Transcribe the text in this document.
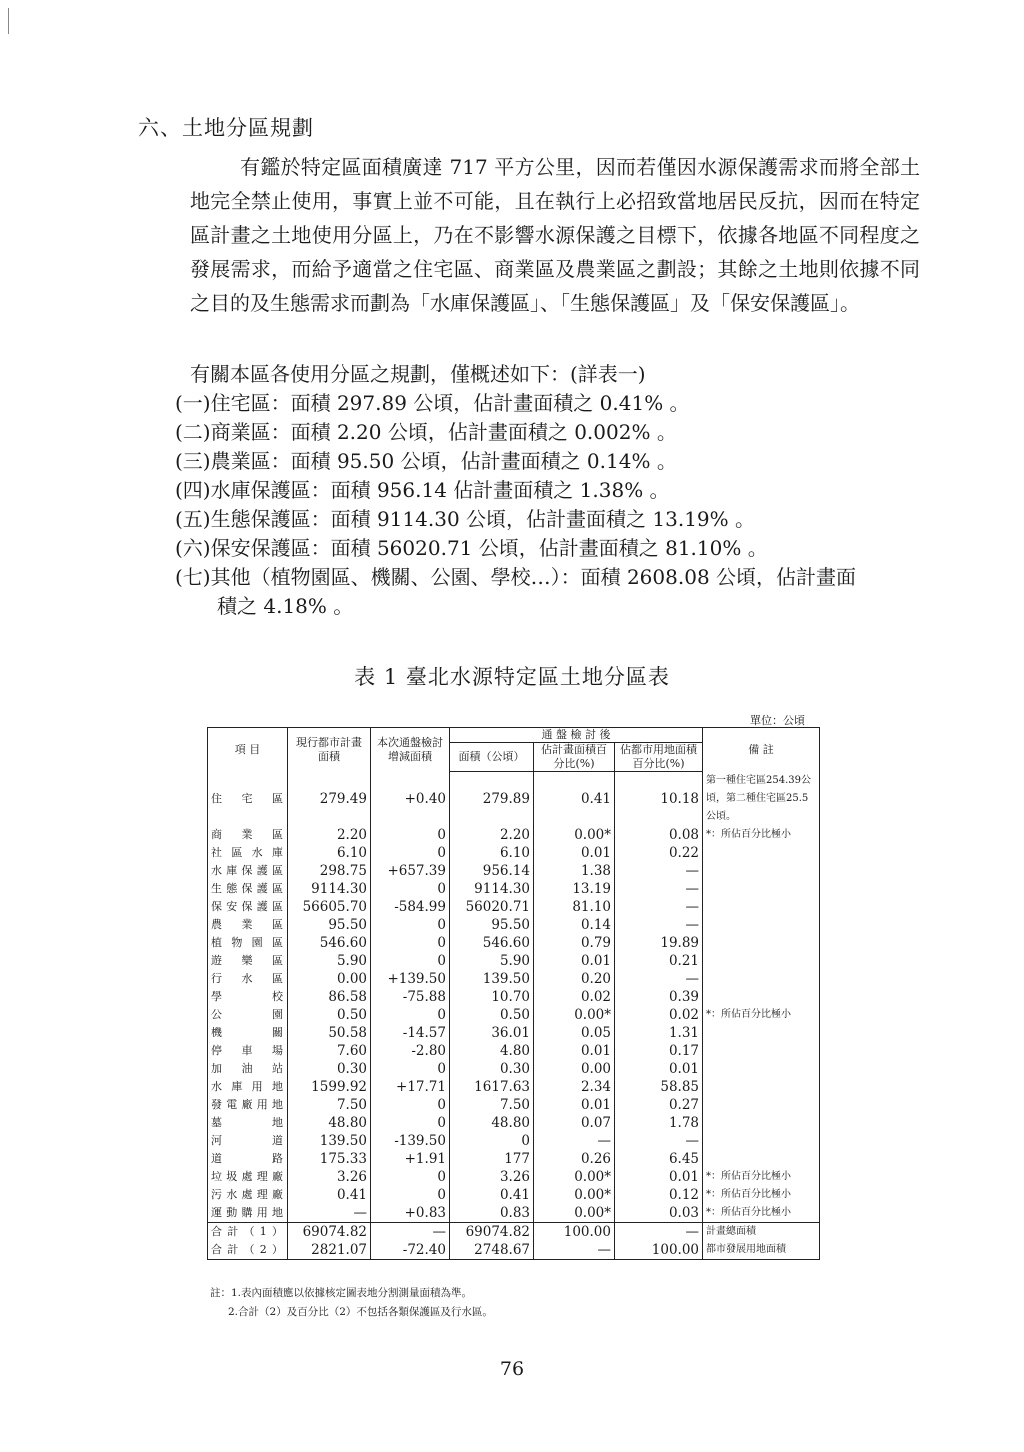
六、土地分區規劃

有鑑於特定區面積廣達 717 平方公里，因而若僅因水源保護需求而將全部土地完全禁止使用，事實上並不可能，且在執行上必招致當地居民反抗，因而在特定區計畫之土地使用分區上，乃在不影響水源保護之目標下，依據各地區不同程度之發展需求，而給予適當之住宅區、商業區及農業區之劃設；其餘之土地則依據不同之目的及生態需求而劃為「水庫保護區」、「生態保護區」及「保安保護區」。

有關本區各使用分區之規劃，僅概述如下：(詳表一)
(一)住宅區：面積 297.89 公頃，佔計畫面積之 0.41% 。
(二)商業區：面積 2.20 公頃，佔計畫面積之 0.002% 。
(三)農業區：面積 95.50 公頃，佔計畫面積之 0.14% 。
(四)水庫保護區：面積 956.14 佔計畫面積之 1.38% 。
(五)生態保護區：面積 9114.30 公頃，佔計畫面積之 13.19% 。
(六)保安保護區：面積 56020.71 公頃，佔計畫面積之 81.10% 。
(七)其他（植物園區、機關、公園、學校…）：面積 2608.08 公頃，佔計畫面
積之 4.18% 。
表 1 臺北水源特定區土地分區表
單位：公頃
項 目	現行都市計畫面積	本次通盤檢討增減面積	通 盤 檢 討 後			備 註
			面積（公頃）	佔計畫面積百分比(%)	佔都市用地面積百分比(%)	
住宅區	279.49	+0.40	279.89	0.41	10.18	第一種住宅區254.39公頃，第二種住宅區25.5公頃。
商業區	2.20	0	2.20	0.00*	0.08	*：所佔百分比極小
社區水庫	6.10	0	6.10	0.01	0.22	
水庫保護區	298.75	+657.39	956.14	1.38	—	
生態保護區	9114.30	0	9114.30	13.19	—	
保安保護區	56605.70	-584.99	56020.71	81.10	—	
農業區	95.50	0	95.50	0.14	—	
植物園區	546.60	0	546.60	0.79	19.89	
遊樂區	5.90	0	5.90	0.01	0.21	
行水區	0.00	+139.50	139.50	0.20	—	
學校	86.58	-75.88	10.70	0.02	0.39	
公園	0.50	0	0.50	0.00*	0.02	*：所佔百分比極小
機關	50.58	-14.57	36.01	0.05	1.31	
停車場	7.60	-2.80	4.80	0.01	0.17	
加油站	0.30	0	0.30	0.00	0.01	
水庫用地	1599.92	+17.71	1617.63	2.34	58.85	
發電廠用地	7.50	0	7.50	0.01	0.27	
墓地	48.80	0	48.80	0.07	1.78	
河道	139.50	-139.50	0	—	—	
道路	175.33	+1.91	177	0.26	6.45	
垃圾處理廠	3.26	0	3.26	0.00*	0.01	*：所佔百分比極小
污水處理廠	0.41	0	0.41	0.00*	0.12	*：所佔百分比極小
運動購用地	—	+0.83	0.83	0.00*	0.03	*：所佔百分比極小
合計（1）	69074.82	—	69074.82	100.00	—	計畫總面積
合計（2）	2821.07	-72.40	2748.67	—	100.00	都市發展用地面積
註：1.表內面積應以依據核定圖表地分割測量面積為準。
2.合計（2）及百分比（2）不包括各類保護區及行水區。
76
